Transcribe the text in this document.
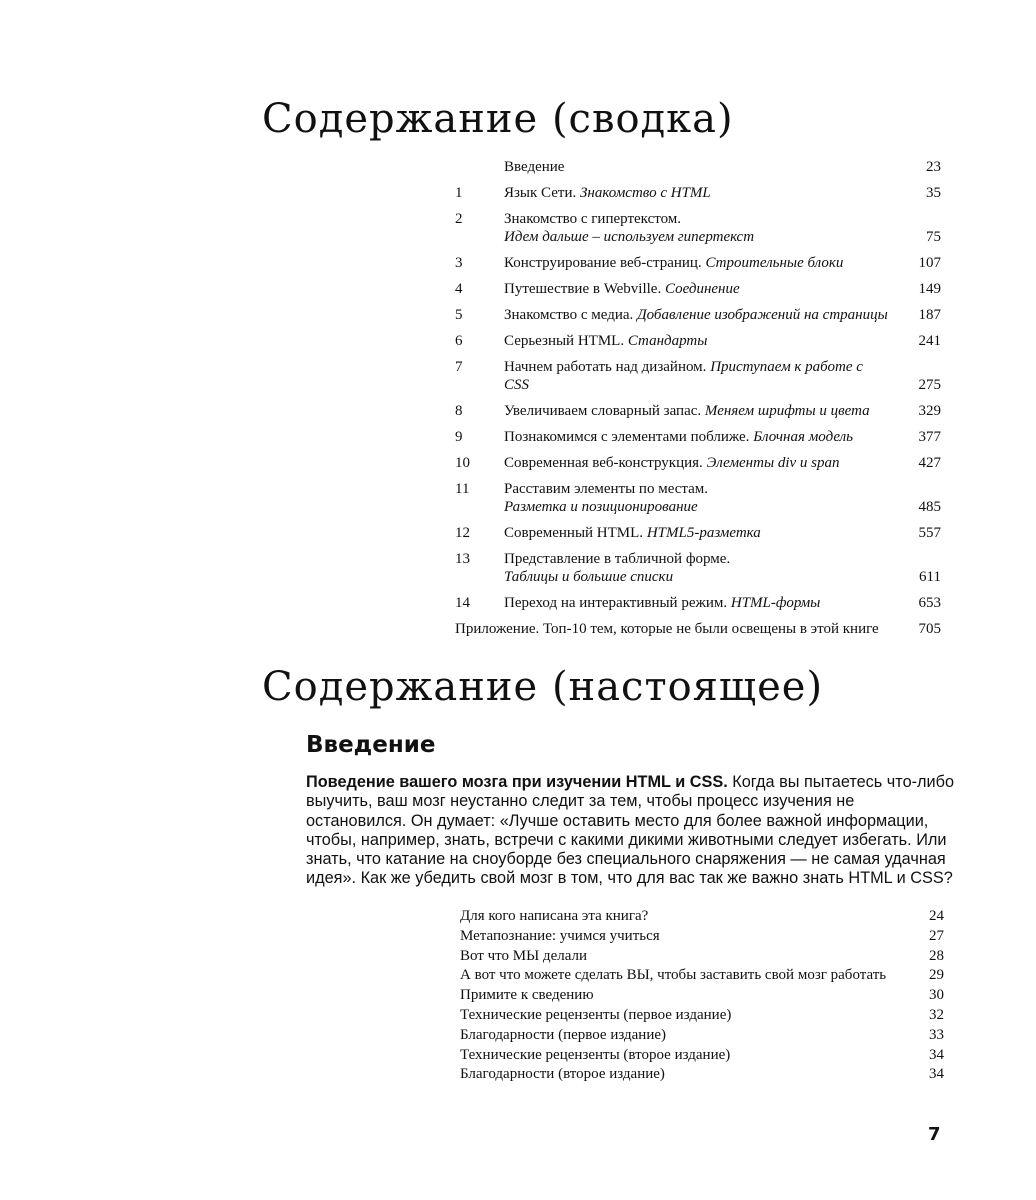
Содержание (сводка)
Введение	23
1	Язык Сети. Знакомство с HTML	35
2	Знакомство с гипертекстом.
Идем дальше – используем гипертекст	75
3	Конструирование веб-страниц. Строительные блоки	107
4	Путешествие в Webville. Соединение	149
5	Знакомство с медиа. Добавление изображений на страницы	187
6	Серьезный HTML. Стандарты	241
7	Начнем работать над дизайном. Приступаем к работе с CSS	275
8	Увеличиваем словарный запас. Меняем шрифты и цвета	329
9	Познакомимся с элементами поближе. Блочная модель	377
10	Современная веб-конструкция. Элементы div и span	427
11	Расставим элементы по местам.
Разметка и позиционирование	485
12	Современный HTML. HTML5-разметка	557
13	Представление в табличной форме.
Таблицы и большие списки	611
14	Переход на интерактивный режим. HTML-формы	653
Приложение. Топ-10 тем, которые не были освещены в этой книге	705
Содержание (настоящее)
Введение
Поведение вашего мозга при изучении HTML и CSS. Когда вы пытаетесь что-либо выучить, ваш мозг неустанно следит за тем, чтобы процесс изучения не остановился. Он думает: «Лучше оставить место для более важной информации, чтобы, например, знать, встречи с какими дикими животными следует избегать. Или знать, что катание на сноуборде без специального снаряжения — не самая удачная идея». Как же убедить свой мозг в том, что для вас так же важно знать HTML и CSS?
Для кого написана эта книга?	24
Метапознание: учимся учиться	27
Вот что МЫ делали	28
А вот что можете сделать ВЫ, чтобы заставить свой мозг работать	29
Примите к сведению	30
Технические рецензенты (первое издание)	32
Благодарности (первое издание)	33
Технические рецензенты (второе издание)	34
Благодарности (второе издание)	34
7
